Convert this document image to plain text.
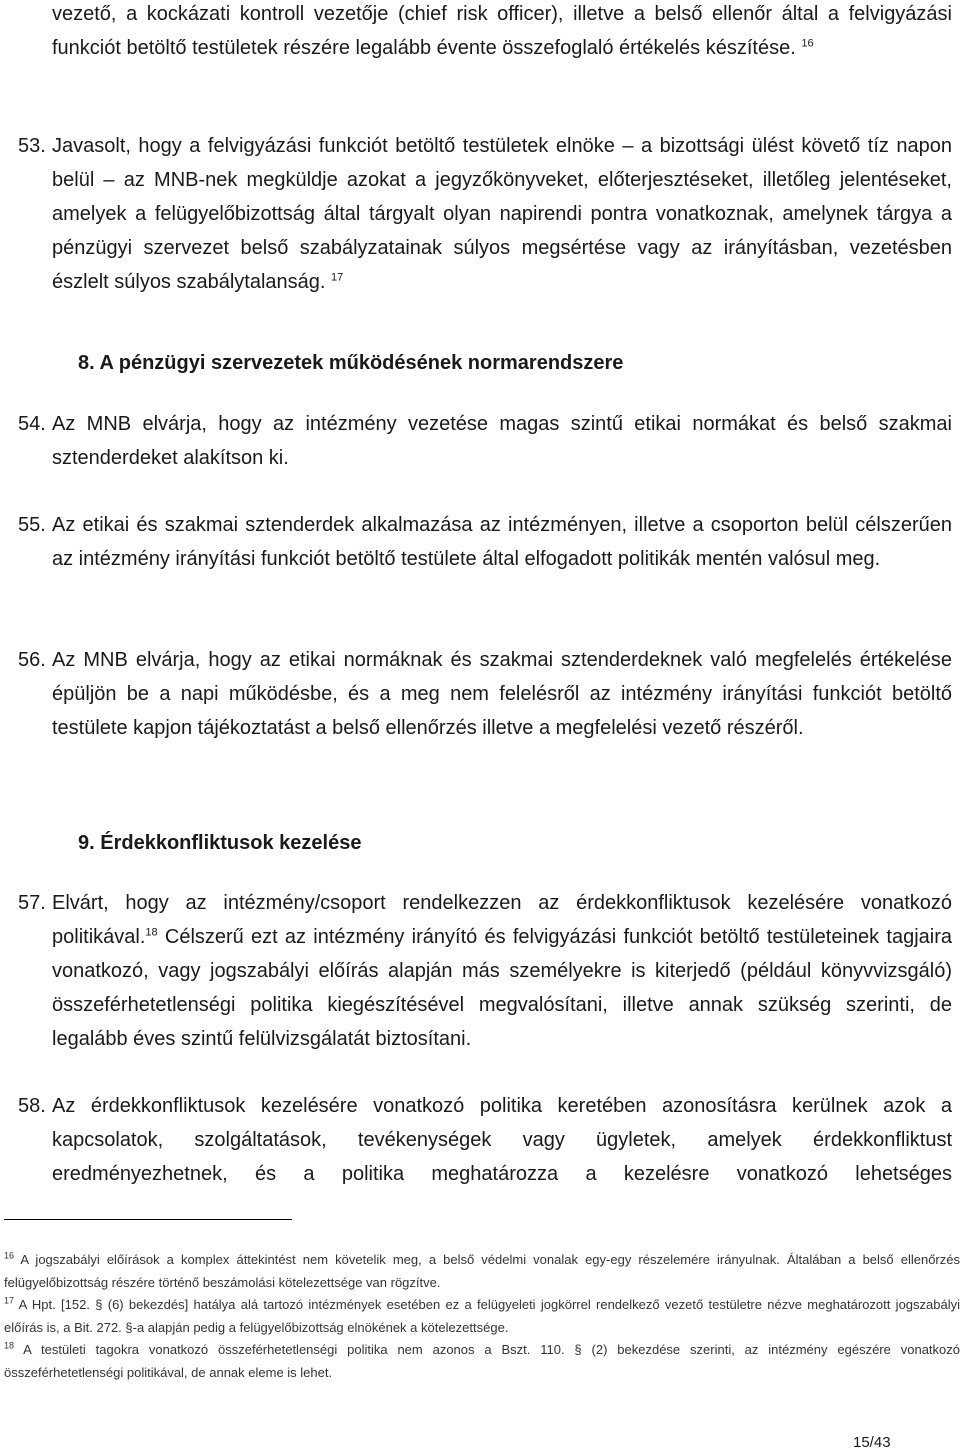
vezető, a kockázati kontroll vezetője (chief risk officer), illetve a belső ellenőr által a felvigyázási funkciót betöltő testületek részére legalább évente összefoglaló értékelés készítése. $^{16}$

53. Javasolt, hogy a felvigyázási funkciót betöltő testületek elnöke – a bizottsági ülést követő tíz napon belül – az MNB-nek megküldje azokat a jegyzőkönyveket, előterjesztéseket, illetőleg jelentéseket, amelyek a felügyelőbizottság által tárgyalt olyan napirendi pontra vonatkoznak, amelynek tárgya a pénzügyi szervezet belső szabályzatainak súlyos megsértése vagy az irányításban, vezetésben észlelt súlyos szabálytalanság. $^{17}$

8. A pénzügyi szervezetek működésének normarendszere
54. Az MNB elvárja, hogy az intézmény vezetése magas szintű etikai normákat és belső szakmai sztenderdeket alakítson ki.

55. Az etikai és szakmai sztenderdek alkalmazása az intézményen, illetve a csoporton belül célszerűen az intézmény irányítási funkciót betöltő testülete által elfogadott politikák mentén valósul meg.

56. Az MNB elvárja, hogy az etikai normáknak és szakmai sztenderdeknek való megfelelés értékelése épüljön be a napi működésbe, és a meg nem felelésről az intézmény irányítási funkciót betöltő testülete kapjon tájékoztatást a belső ellenőrzés illetve a megfelelési vezető részéről.

9. Érdekkonfliktusok kezelése
57. Elvárt, hogy az intézmény/csoport rendelkezzen az érdekkonfliktusok kezelésére vonatkozó politikával.$^{18}$ Célszerű ezt az intézmény irányító és felvigyázási funkciót betöltő testületeinek tagjaira vonatkozó, vagy jogszabályi előírás alapján más személyekre is kiterjedő (például könyvvizsgáló) összeférhetetlenségi politika kiegészítésével megvalósítani, illetve annak szükség szerinti, de legalább éves szintű felülvizsgálatát biztosítani.

58. Az érdekkonfliktusok kezelésére vonatkozó politika keretében azonosításra kerülnek azok a kapcsolatok, szolgáltatások, tevékenységek vagy ügyletek, amelyek érdekkonfliktust eredményezhetnek, és a politika meghatározza a kezelésre vonatkozó lehetséges

$^{16}$ A jogszabályi előírások a komplex áttekintést nem követelik meg, a belső védelmi vonalak egy-egy részelemére irányulnak. Általában a belső ellenőrzés felügyelőbizottság részére történő beszámolási kötelezettsége van rögzítve.

$^{17}$ A Hpt. [152. § (6) bekezdés] hatálya alá tartozó intézmények esetében ez a felügyeleti jogkörrel rendelkező vezető testületre nézve meghatározott jogszabályi előírás is, a Bit. 272. §-a alapján pedig a felügyelőbizottság elnökének a kötelezettsége.

$^{18}$ A testületi tagokra vonatkozó összeférhetetlenségi politika nem azonos a Bszt. 110. § (2) bekezdése szerinti, az intézmény egészére vonatkozó összeférhetetlenségi politikával, de annak eleme is lehet.

15/43
